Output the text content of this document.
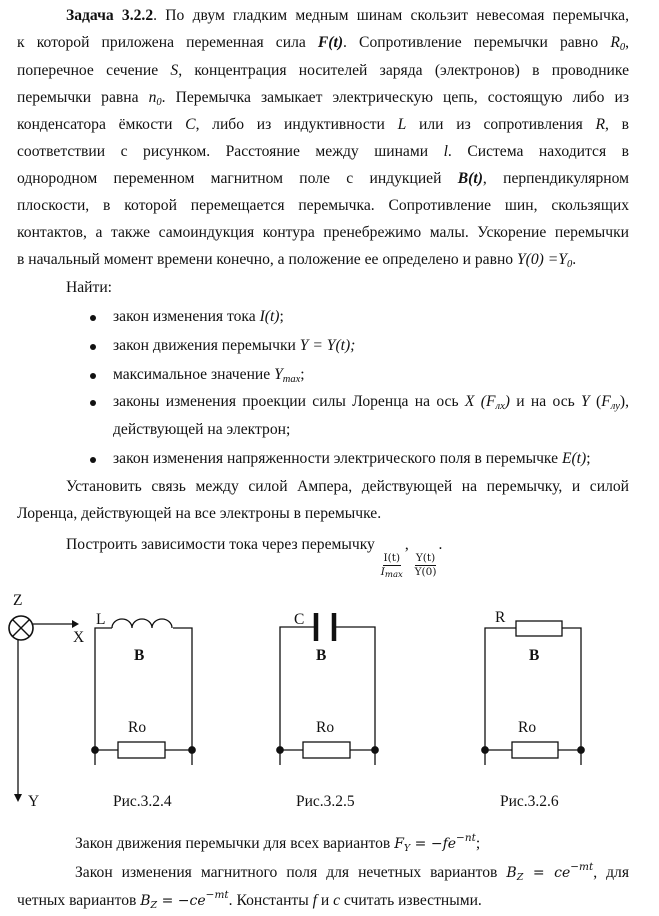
Задача 3.2.2. По двум гладким медным шинам скользит невесомая перемычка,
к которой приложена переменная сила F(t). Сопротивление перемычки равно R0,
поперечное сечение S, концентрация носителей заряда (электронов) в проводнике
перемычки равна n0. Перемычка замыкает электрическую цепь, состоящую либо из
конденсатора ёмкости C, либо из индуктивности L или из сопротивления R, в
соответствии с рисунком. Расстояние между шинами l. Система находится в
однородном переменном магнитном поле с индукцией B(t), перпендикулярном
плоскости, в которой перемещается перемычка. Сопротивление шин, скользящих
контактов, а также самоиндукция контура пренебрежимо малы. Ускорение перемычки
в начальный момент времени конечно, а положение ее определено и равно Y(0) =Y0.
Найти:
закон изменения тока I(t);
закон движения перемычки Y = Y(t);
максимальное значение Ymax;
законы изменения проекции силы Лоренца на ось X (Fлх) и на ось Y (Fлу),
действующей на электрон;
закон изменения напряженности электрического поля в перемычке E(t);
Установить связь между силой Ампера, действующей на перемычку, и силой
Лоренца, действующей на все электроны в перемычке.
Построить зависимости тока через перемычку
$\frac{I(t)}{Imax}$
,
$\frac{Y(t)}{Y(0)}$
.
Закон движения перемычки для всех вариантов FY = $-fe^{-nt}$;
Закон изменения магнитного поля для нечетных вариантов BZ = $ce^{-mt}$, для
четных вариантов BZ = $-ce^{-mt}$. Константы f и c считать известными.
Z
X
Y
L
B
Ro
Рис.3.2.4
C
B
Ro
Рис.3.2.5
R
B
Ro
Рис.3.2.6
